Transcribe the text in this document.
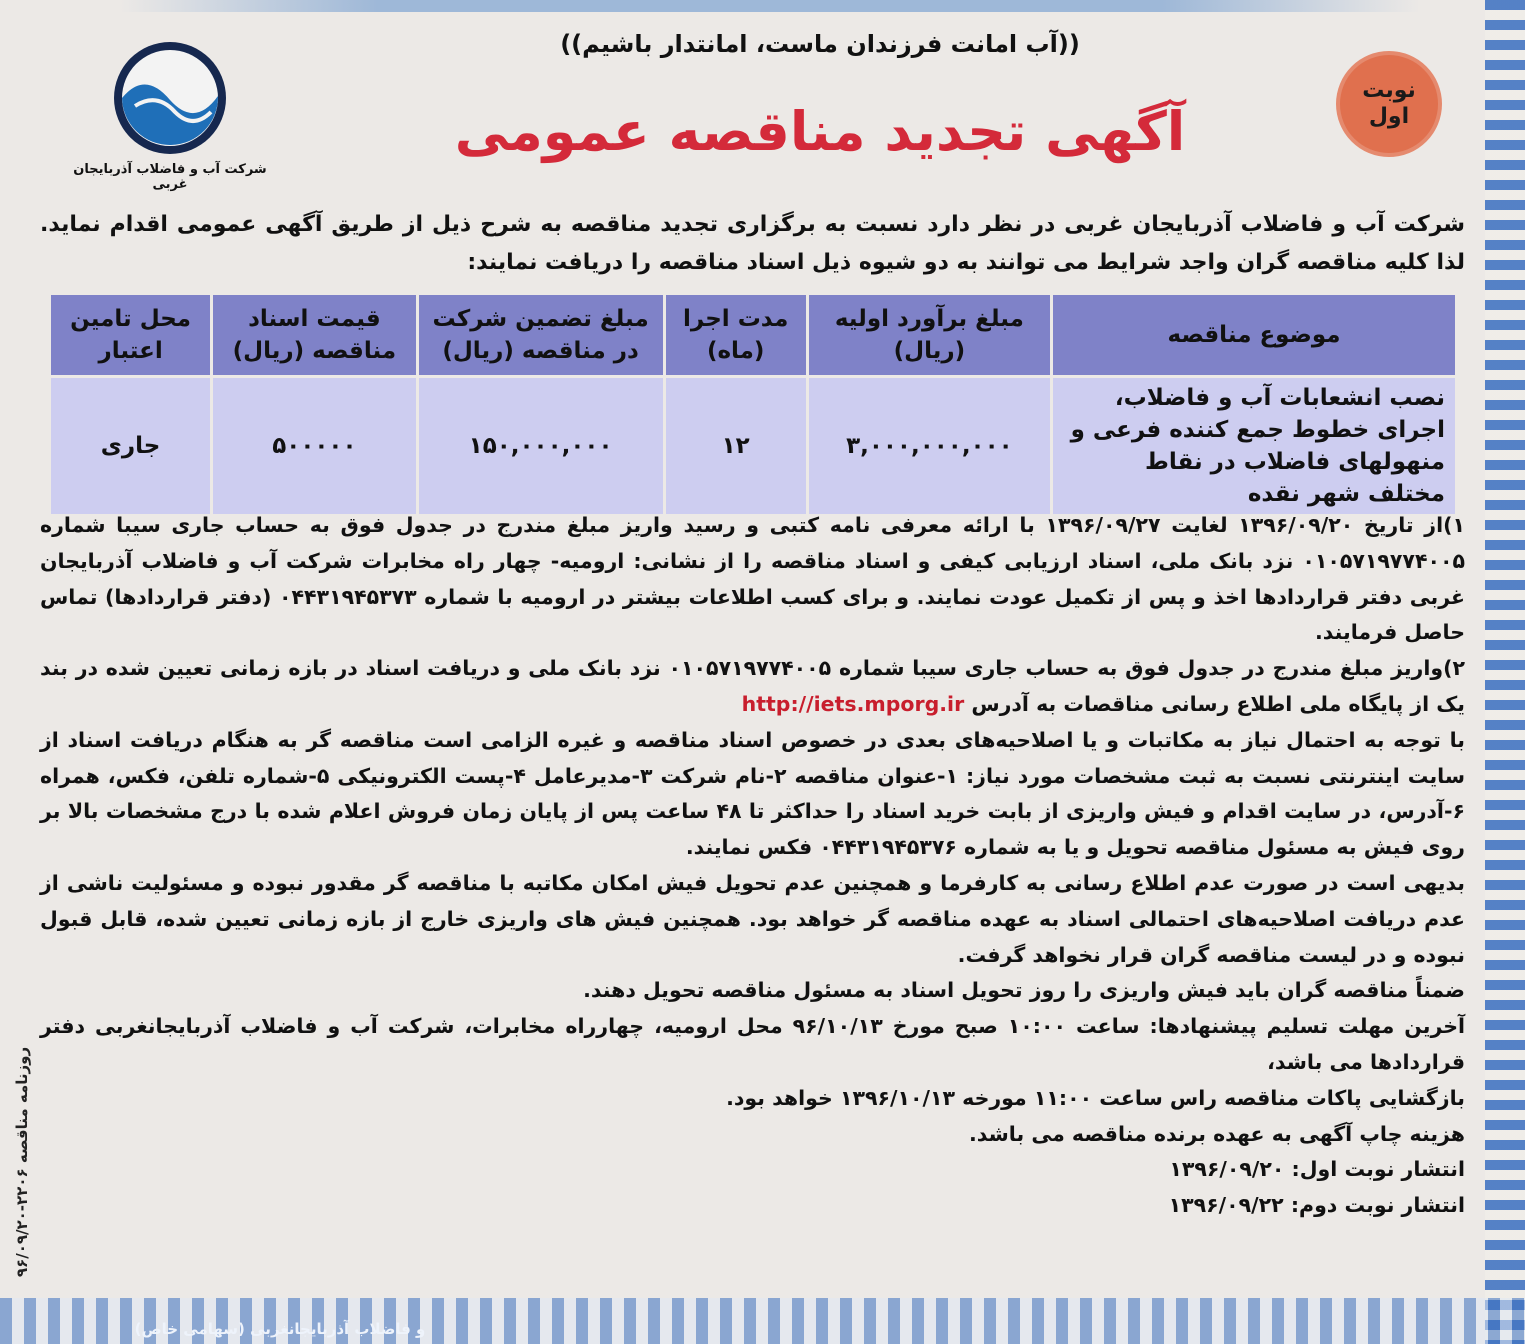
روزنامه مناقصه ۲۲۰۶-۹۶/۰۹/۲۰
شرکت آب و فاضلاب آذربایجان غربی
((آب امانت فرزندان ماست، امانتدار باشیم))
آگهی تجدید مناقصه عمومی
نوبت
اول
شرکت آب و فاضلاب آذربایجان غربی در نظر دارد نسبت به برگزاری تجدید مناقصه به شرح ذیل از طریق آگهی عمومی اقدام نماید. لذا کلیه مناقصه گران واجد شرایط می توانند به دو شیوه ذیل اسناد مناقصه را دریافت نمایند:
موضوع مناقصه	مبلغ برآورد اولیه (ریال)	مدت اجرا (ماه)	مبلغ تضمین شرکت در مناقصه (ریال)	قیمت اسناد مناقصه (ریال)	محل تامین اعتبار
نصب انشعابات آب و فاضلاب، اجرای خطوط جمع کننده فرعی و منهولهای فاضلاب در نقاط مختلف شهر نقده	۳,۰۰۰,۰۰۰,۰۰۰	۱۲	۱۵۰,۰۰۰,۰۰۰	۵۰۰۰۰۰	جاری

۱)از تاریخ ۱۳۹۶/۰۹/۲۰ لغایت ۱۳۹۶/۰۹/۲۷ با ارائه معرفی نامه کتبی و رسید واریز مبلغ مندرج در جدول فوق به حساب جاری سیبا شماره ۰۱۰۵۷۱۹۷۷۴۰۰۵ نزد بانک ملی، اسناد ارزیابی کیفی و اسناد مناقصه را از نشانی: ارومیه- چهار راه مخابرات شرکت آب و فاضلاب آذربایجان غربی دفتر قراردادها اخذ و پس از تکمیل عودت نمایند. و برای کسب اطلاعات بیشتر در ارومیه با شماره ۰۴۴۳۱۹۴۵۳۷۳ (دفتر قراردادها) تماس حاصل فرمایند.

۲)واریز مبلغ مندرج در جدول فوق به حساب جاری سیبا شماره ۰۱۰۵۷۱۹۷۷۴۰۰۵ نزد بانک ملی و دریافت اسناد در بازه زمانی تعیین شده در بند یک از پایگاه ملی اطلاع رسانی مناقصات به آدرس http://iets.mporg.ir

با توجه به احتمال نیاز به مکاتبات و یا اصلاحیه‌های بعدی در خصوص اسناد مناقصه و غیره الزامی است مناقصه گر به هنگام دریافت اسناد از سایت اینترنتی نسبت به ثبت مشخصات مورد نیاز: ۱-عنوان مناقصه ۲-نام شرکت ۳-مدیرعامل ۴-پست الکترونیکی ۵-شماره تلفن، فکس، همراه ۶-آدرس، در سایت اقدام و فیش واریزی از بابت خرید اسناد را حداکثر تا ۴۸ ساعت پس از پایان زمان فروش اعلام شده با درج مشخصات بالا بر روی فیش به مسئول مناقصه تحویل و یا به شماره ۰۴۴۳۱۹۴۵۳۷۶ فکس نمایند.

بدیهی است در صورت عدم اطلاع رسانی به کارفرما و همچنین عدم تحویل فیش امکان مکاتبه با مناقصه گر مقدور نبوده و مسئولیت ناشی از عدم دریافت اصلاحیه‌های احتمالی اسناد به عهده مناقصه گر خواهد بود. همچنین فیش های واریزی خارج از بازه زمانی تعیین شده، قابل قبول نبوده و در لیست مناقصه گران قرار نخواهد گرفت.

ضمناً مناقصه گران باید فیش واریزی را روز تحویل اسناد به مسئول مناقصه تحویل دهند.

آخرین مهلت تسلیم پیشنهادها: ساعت ۱۰:۰۰ صبح مورخ ۹۶/۱۰/۱۳ محل ارومیه، چهارراه مخابرات، شرکت آب و فاضلاب آذربایجانغربی دفتر قراردادها می باشد،

بازگشایی پاکات مناقصه راس ساعت ۱۱:۰۰ مورخه ۱۳۹۶/۱۰/۱۳ خواهد بود.

هزینه چاپ آگهی به عهده برنده مناقصه می باشد.

انتشار نوبت اول: ۱۳۹۶/۰۹/۲۰

انتشار نوبت دوم: ۱۳۹۶/۰۹/۲۲

و فاضلاب آذربایجانغربی (سهامی خاص)
